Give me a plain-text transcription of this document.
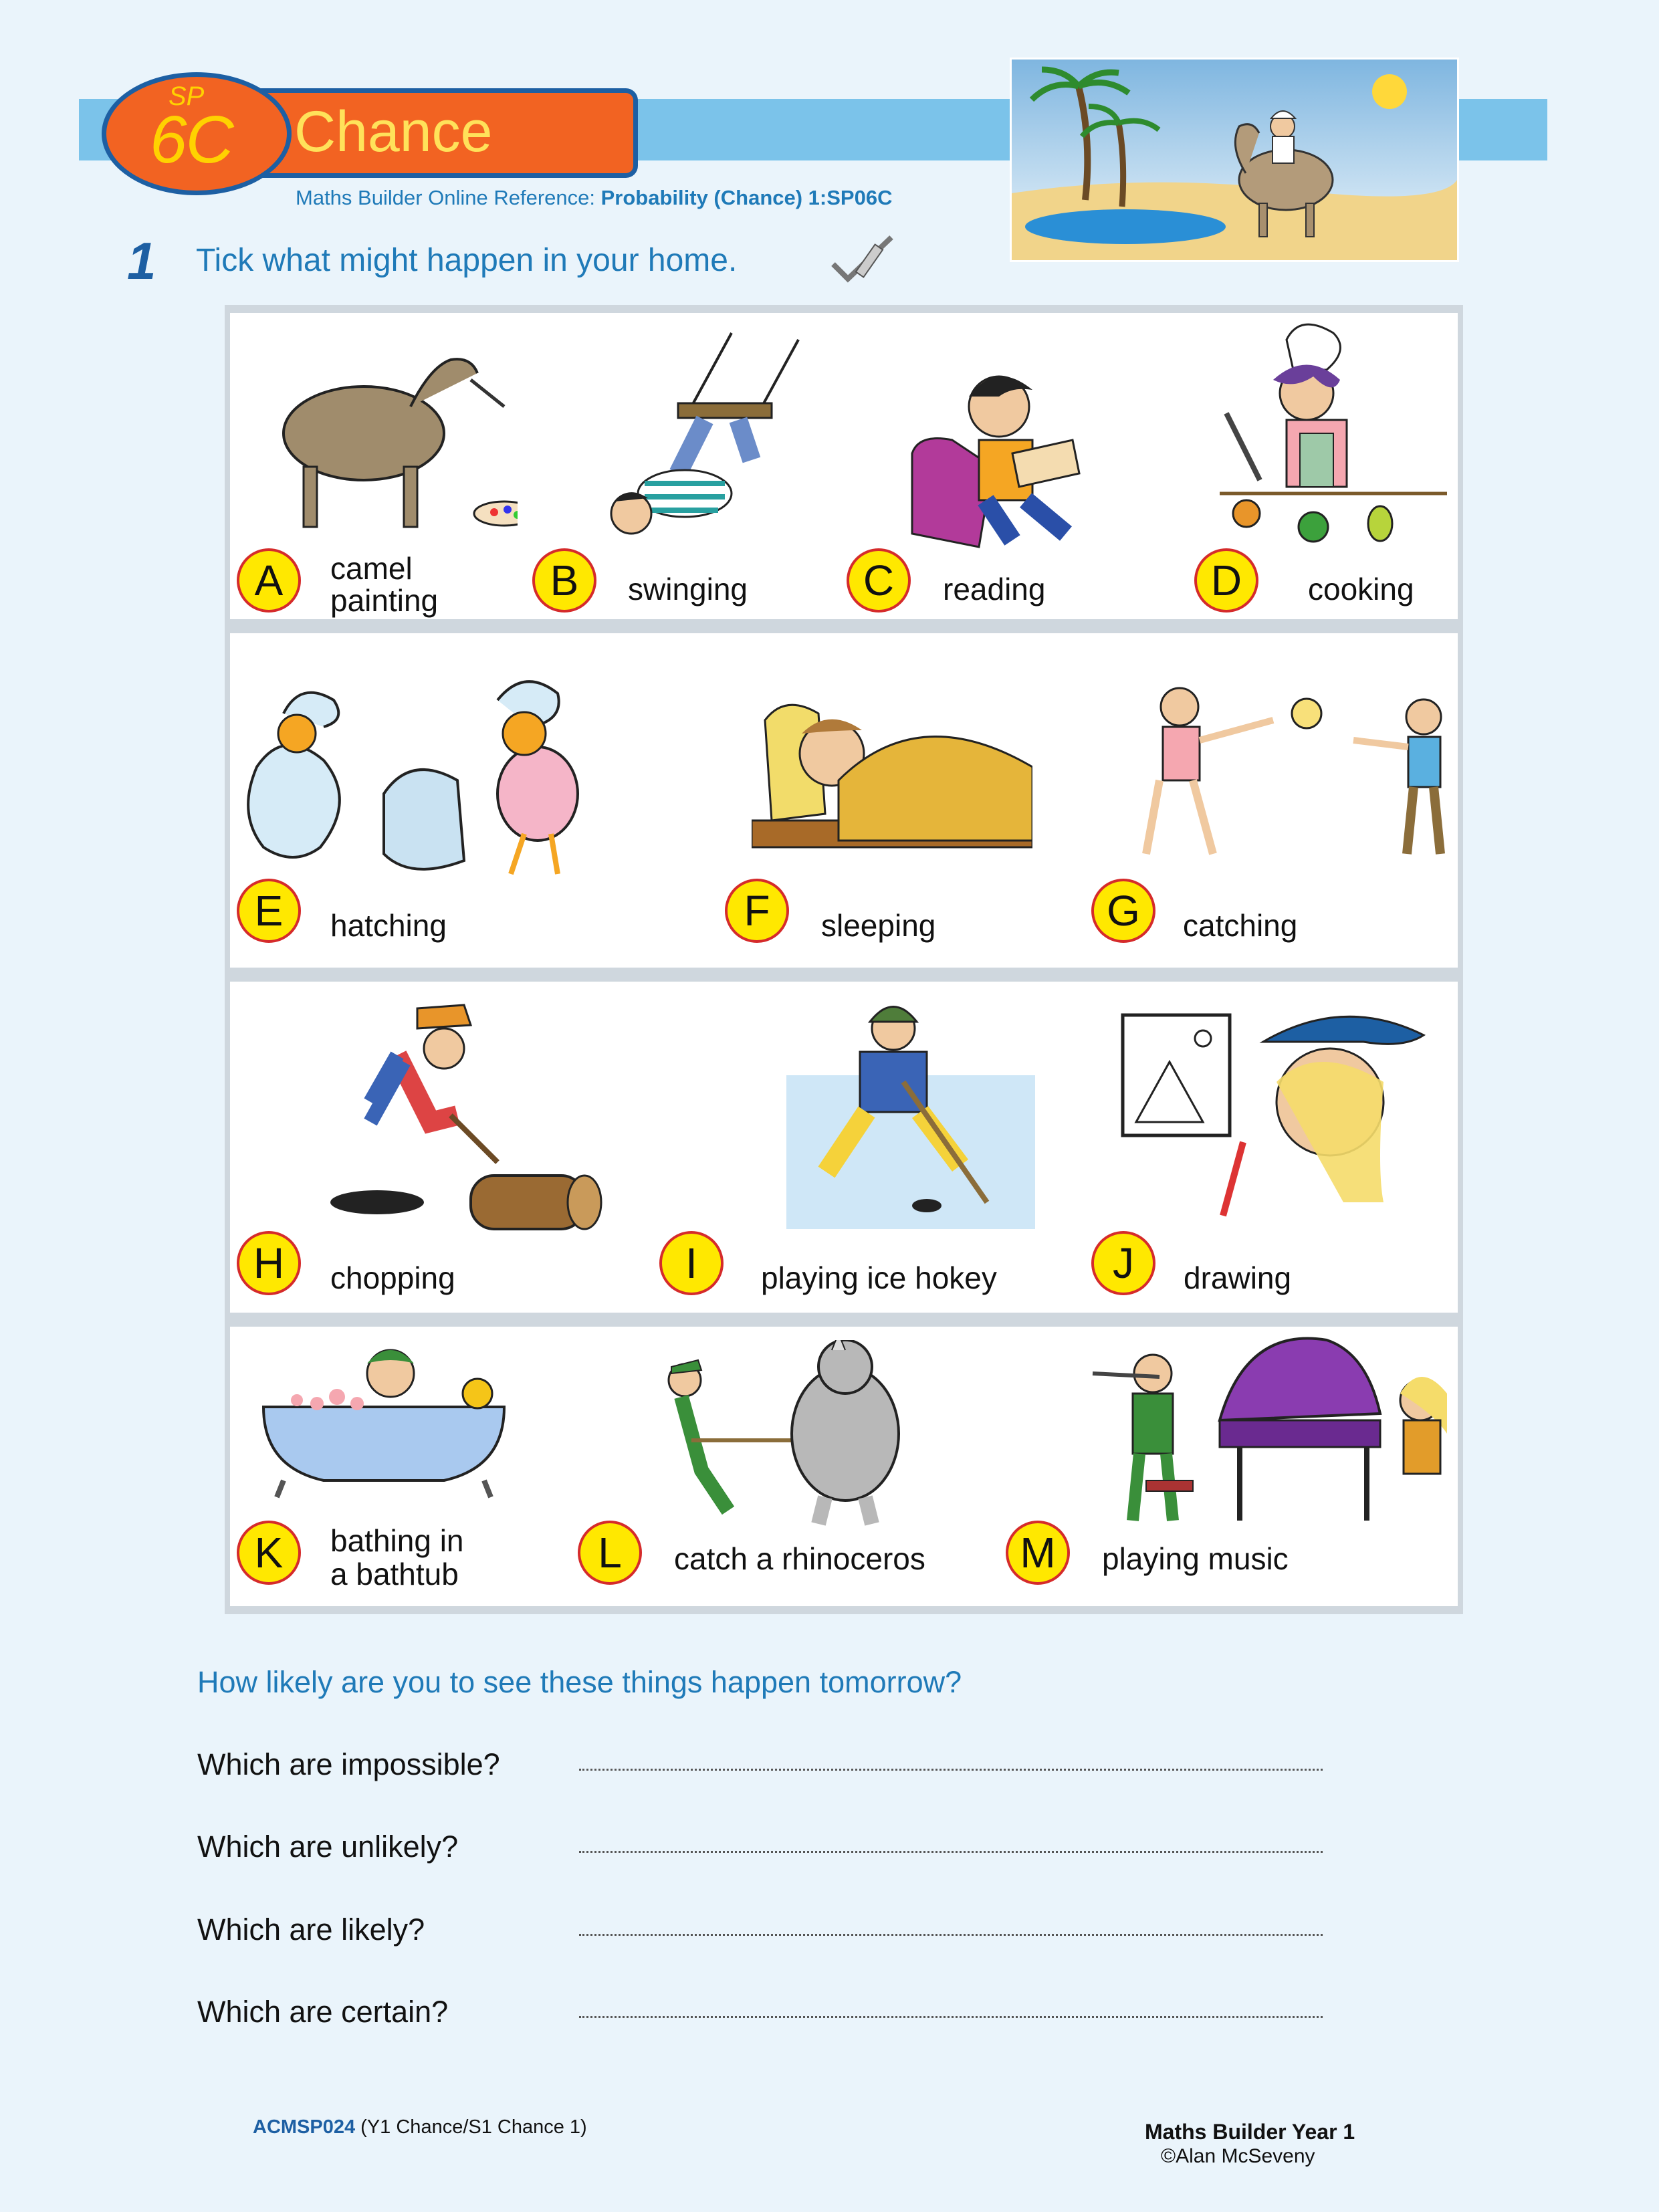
SP
6C Chance
Maths Builder Online Reference: Probability (Chance) 1:SP06C
1 Tick what might happen in your home.
A	camel
painting	B	swinging	C	reading	D	cooking
E	hatching	F	sleeping	G	catching
H	chopping	I	playing ice hokey	J	drawing
K	bathing in
a bathtub	L	catch a rhinoceros	M	playing music
How likely are you to see these things happen tomorrow?
Which are impossible?
Which are unlikely?
Which are likely?
Which are certain?
ACMSP024 (Y1 Chance/S1 Chance 1)	Maths Builder Year 1
©Alan McSeveny
